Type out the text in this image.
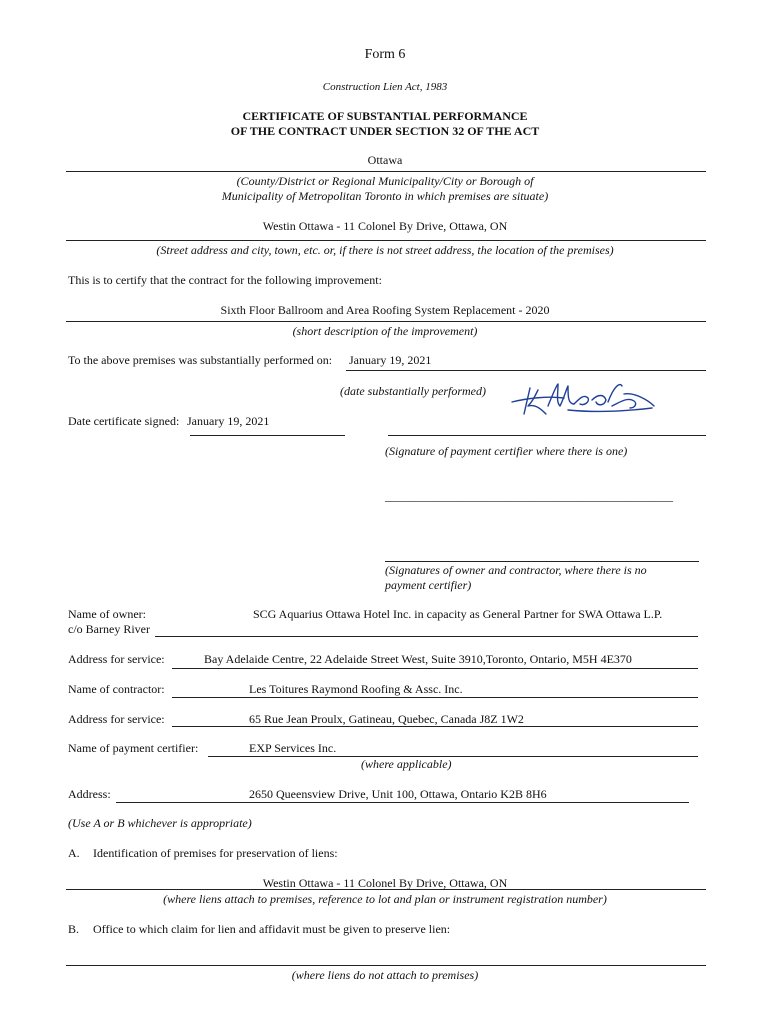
Form 6
Construction Lien Act, 1983
CERTIFICATE OF SUBSTANTIAL PERFORMANCE
OF THE CONTRACT UNDER SECTION 32 OF THE ACT
Ottawa
(County/District or Regional Municipality/City or Borough of
Municipality of Metropolitan Toronto in which premises are situate)
Westin Ottawa - 11 Colonel By Drive, Ottawa, ON
(Street address and city, town, etc. or, if there is not street address, the location of the premises)
This is to certify that the contract for the following improvement:
Sixth Floor Ballroom and Area Roofing System Replacement - 2020
(short description of the improvement)
To the above premises was substantially performed on: January 19, 2021
(date substantially performed)
Date certificate signed: January 19, 2021
(Signature of payment certifier where there is one)
________________________________________________
(Signatures of owner and contractor, where there is no
payment certifier)
Name of owner:
c/o Barney River
SCG Aquarius Ottawa Hotel Inc. in capacity as General Partner for SWA Ottawa L.P.
Address for service:	Bay Adelaide Centre, 22 Adelaide Street West, Suite 3910,Toronto, Ontario, M5H 4E370
Name of contractor:	Les Toitures Raymond Roofing & Assc. Inc.
Address for service:	65 Rue Jean Proulx, Gatineau, Quebec, Canada J8Z 1W2
Name of payment certifier:	EXP Services Inc.
(where applicable)
Address:	2650 Queensview Drive, Unit 100, Ottawa, Ontario K2B 8H6
(Use A or B whichever is appropriate)
A. Identification of premises for preservation of liens:
Westin Ottawa - 11 Colonel By Drive, Ottawa, ON
(where liens attach to premises, reference to lot and plan or instrument registration number)
B. Office to which claim for lien and affidavit must be given to preserve lien:
(where liens do not attach to premises)
